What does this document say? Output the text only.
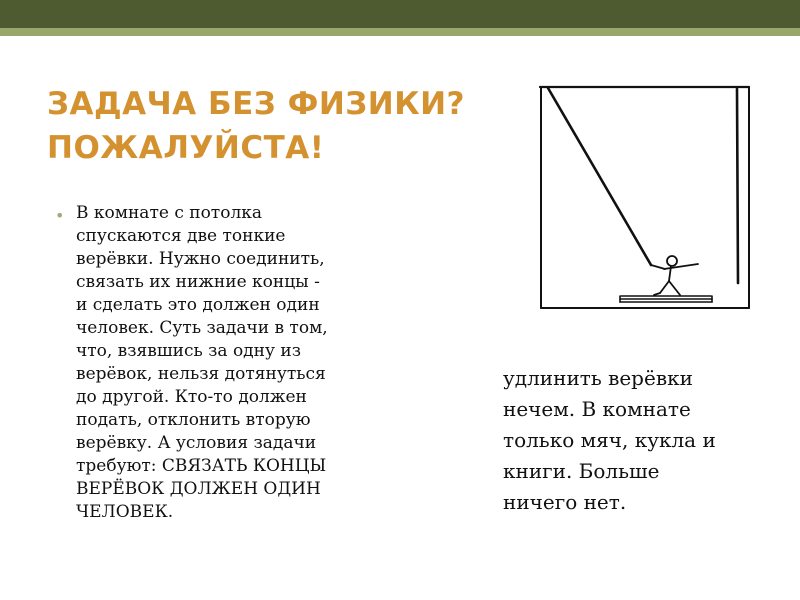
ЗАДАЧА БЕЗ ФИЗИКИ?
ПОЖАЛУЙСТА!
• В комнате с потолка
спускаются две тонкие
верёвки. Нужно соединить,
связать их нижние концы -
и сделать это должен один
человек. Суть задачи в том,
что, взявшись за одну из
верёвок, нельзя дотянуться
до другой. Кто-то должен
подать, отклонить вторую
верёвку. А условия задачи
требуют: СВЯЗАТЬ КОНЦЫ
ВЕРЁВОК ДОЛЖЕН ОДИН
ЧЕЛОВЕК.
удлинить верёвки
нечем. В комнате
только мяч, кукла и
книги. Больше
ничего нет.
